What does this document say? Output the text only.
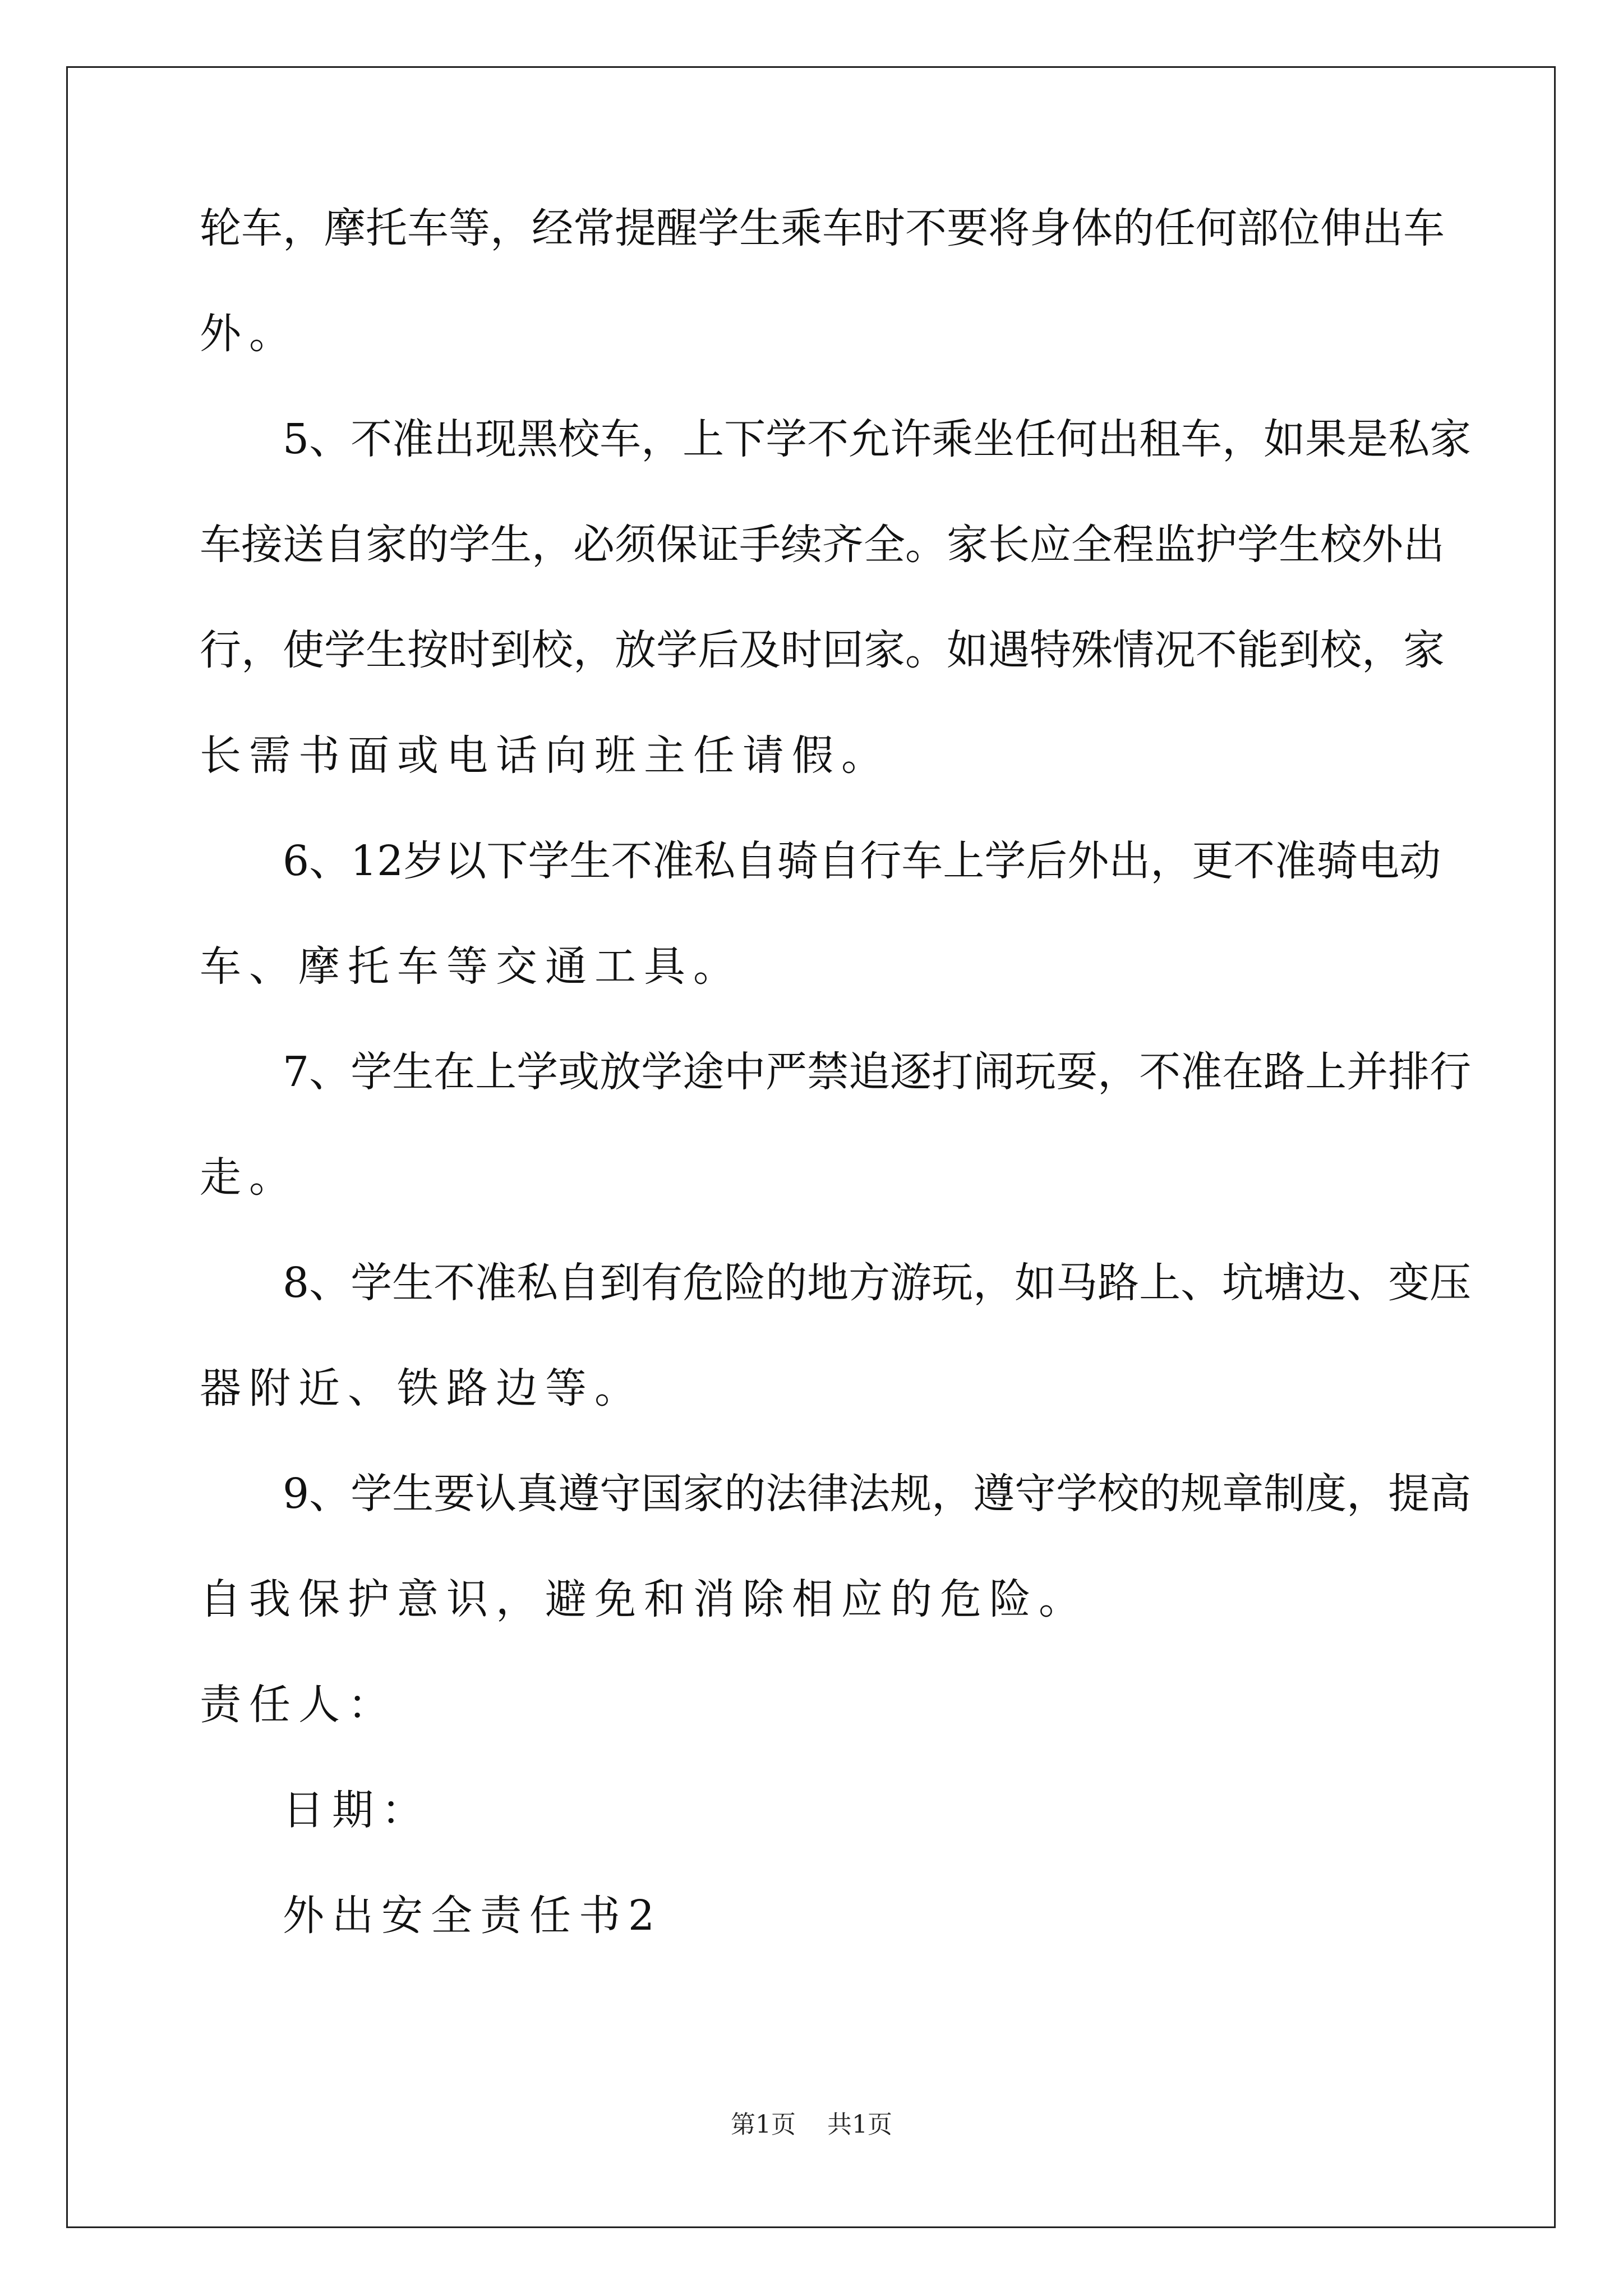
轮车，摩托车等，经常提醒学生乘车时不要将身体的任何部位伸出车
外。
5、不准出现黑校车，上下学不允许乘坐任何出租车，如果是私家
车接送自家的学生，必须保证手续齐全。家长应全程监护学生校外出
行，使学生按时到校，放学后及时回家。如遇特殊情况不能到校，家
长需书面或电话向班主任请假。
6、12岁以下学生不准私自骑自行车上学后外出，更不准骑电动
车、摩托车等交通工具。
7、学生在上学或放学途中严禁追逐打闹玩耍，不准在路上并排行
走。
8、学生不准私自到有危险的地方游玩，如马路上、坑塘边、变压
器附近、铁路边等。
9、学生要认真遵守国家的法律法规，遵守学校的规章制度，提高
自我保护意识，避免和消除相应的危险。
责任人：
日期：
外出安全责任书2
第1页 共1页
